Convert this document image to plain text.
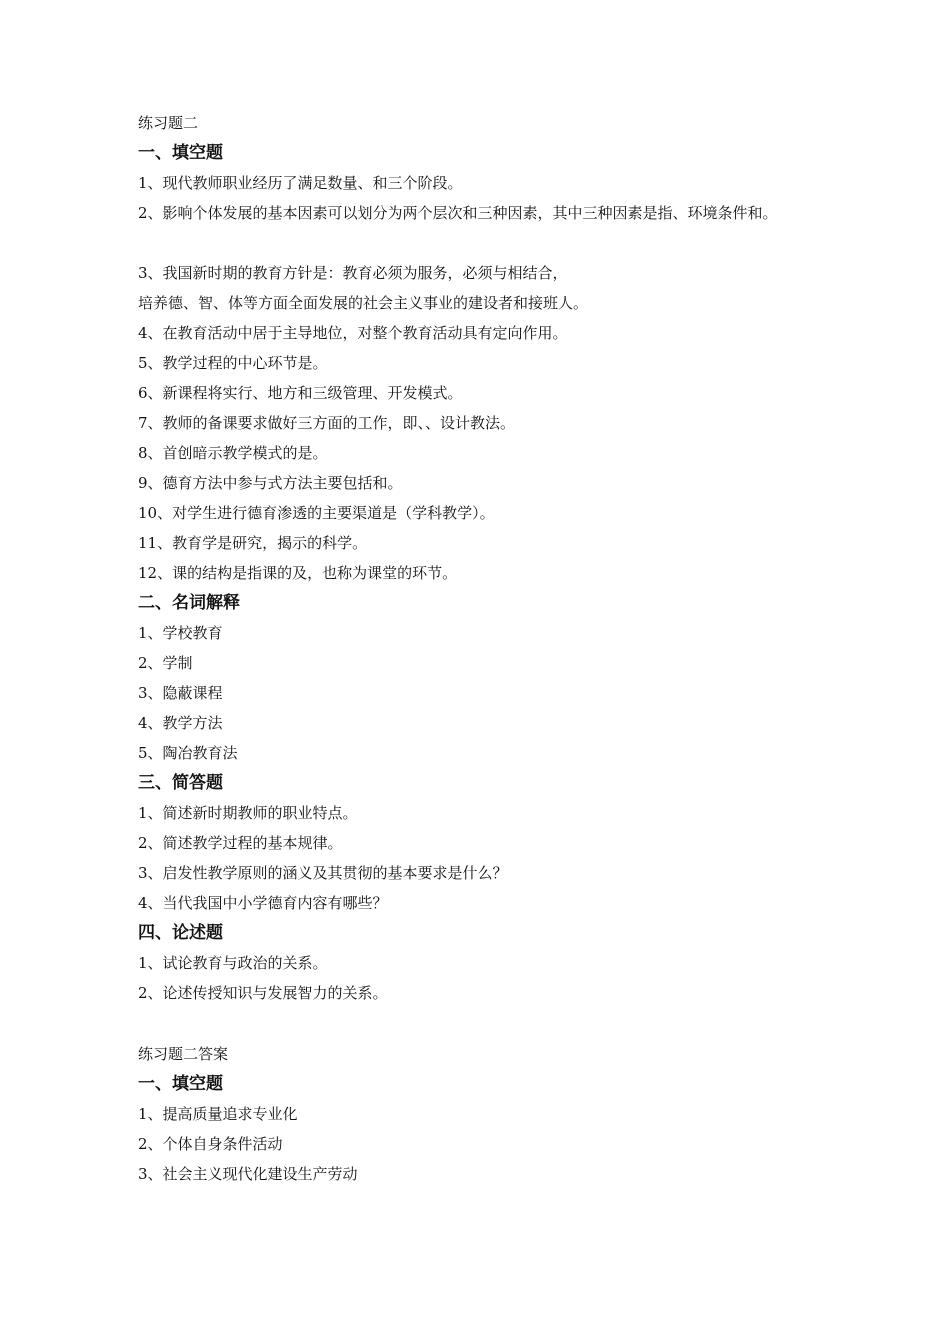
练习题二

一、填空题

1、现代教师职业经历了满足数量、和三个阶段。

2、影响个体发展的基本因素可以划分为两个层次和三种因素，其中三种因素是指、环境条件和。

3、我国新时期的教育方针是：教育必须为服务，必须与相结合，

培养德、智、体等方面全面发展的社会主义事业的建设者和接班人。

4、在教育活动中居于主导地位，对整个教育活动具有定向作用。

5、教学过程的中心环节是。

6、新课程将实行、地方和三级管理、开发模式。

7、教师的备课要求做好三方面的工作，即、、设计教法。

8、首创暗示教学模式的是。

9、德育方法中参与式方法主要包括和。

10、对学生进行德育渗透的主要渠道是（学科教学）。

11、教育学是研究，揭示的科学。

12、课的结构是指课的及，也称为课堂的环节。

二、名词解释

1、学校教育

2、学制

3、隐蔽课程

4、教学方法

5、陶冶教育法

三、简答题

1、简述新时期教师的职业特点。

2、简述教学过程的基本规律。

3、启发性教学原则的涵义及其贯彻的基本要求是什么？

4、当代我国中小学德育内容有哪些？

四、论述题

1、试论教育与政治的关系。

2、论述传授知识与发展智力的关系。

练习题二答案

一、填空题

1、提高质量追求专业化

2、个体自身条件活动

3、社会主义现代化建设生产劳动
